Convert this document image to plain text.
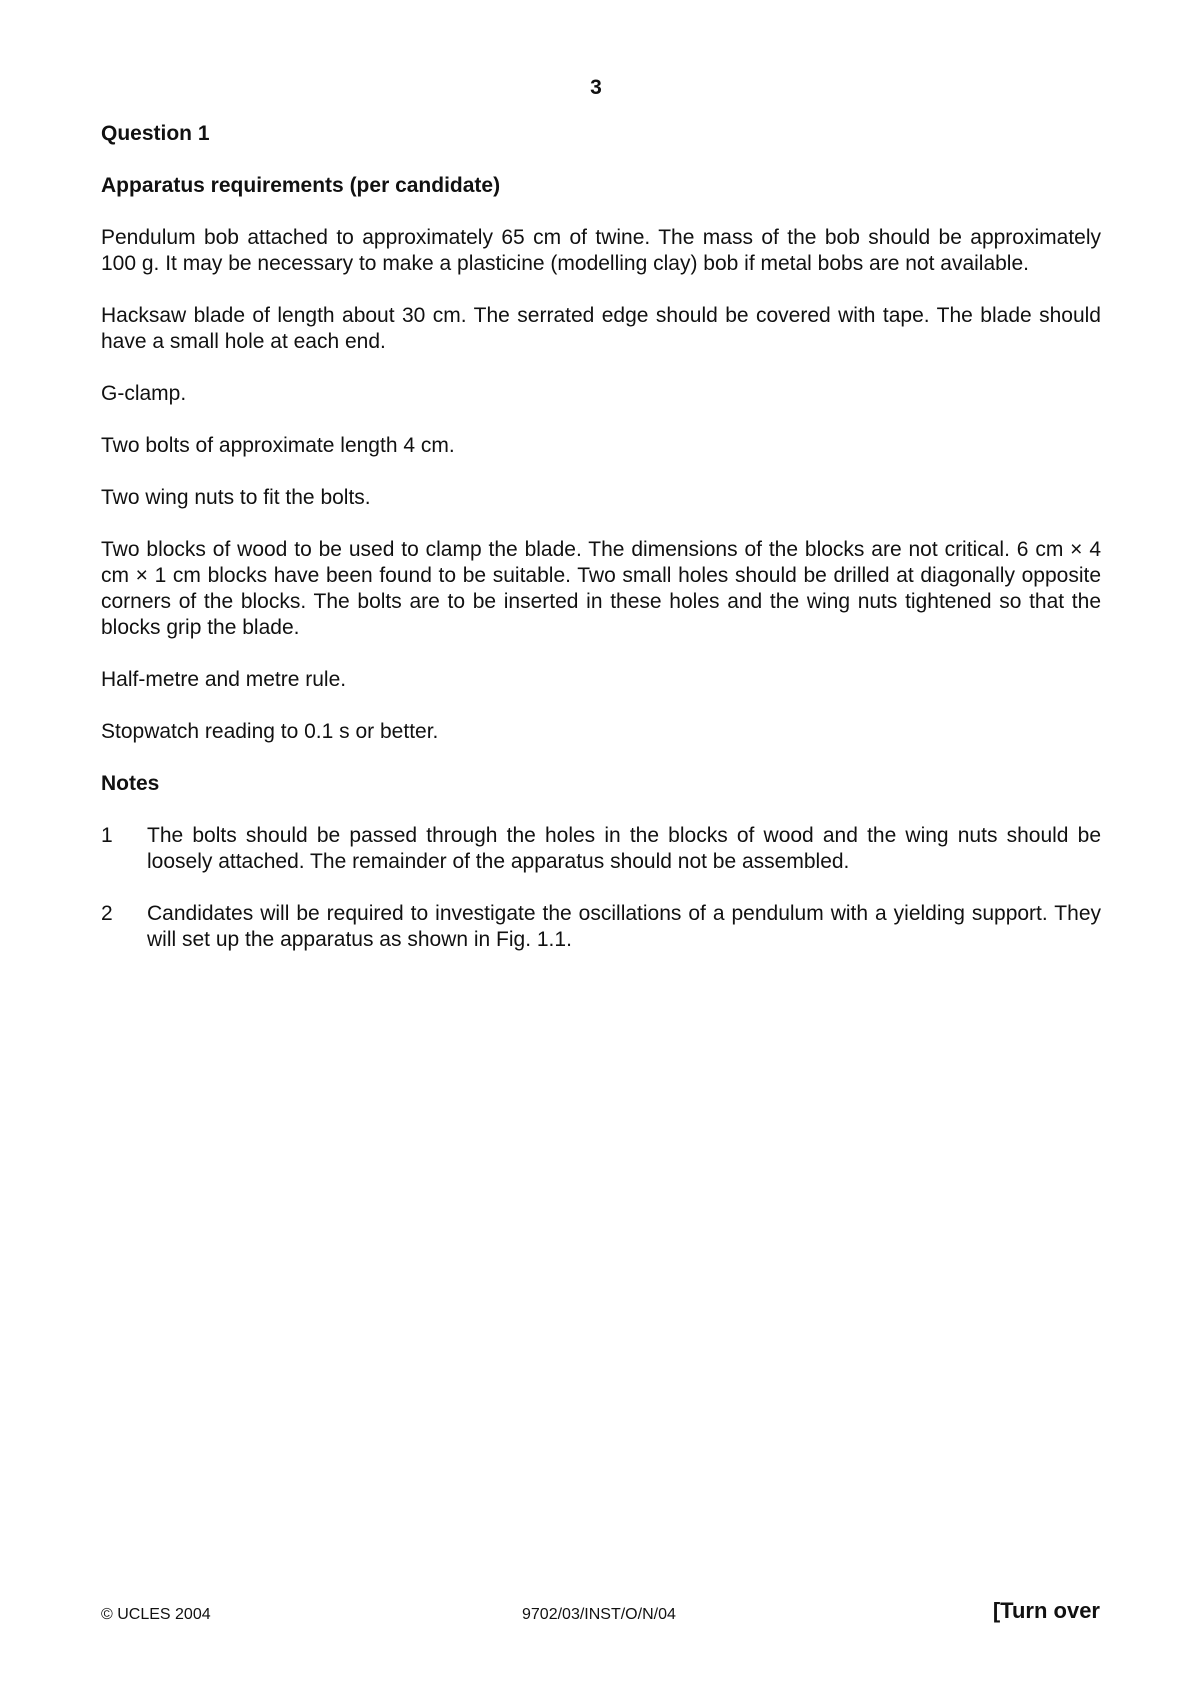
3
Question 1
Apparatus requirements (per candidate)

Pendulum bob attached to approximately 65 cm of twine. The mass of the bob should be approximately 100 g. It may be necessary to make a plasticine (modelling clay) bob if metal bobs are not available.

Hacksaw blade of length about 30 cm. The serrated edge should be covered with tape. The blade should have a small hole at each end.

G-clamp.

Two bolts of approximate length 4 cm.

Two wing nuts to fit the bolts.

Two blocks of wood to be used to clamp the blade. The dimensions of the blocks are not critical. 6 cm × 4 cm × 1 cm blocks have been found to be suitable. Two small holes should be drilled at diagonally opposite corners of the blocks. The bolts are to be inserted in these holes and the wing nuts tightened so that the blocks grip the blade.

Half-metre and metre rule.

Stopwatch reading to 0.1 s or better.

Notes
1	The bolts should be passed through the holes in the blocks of wood and the wing nuts should be loosely attached. The remainder of the apparatus should not be assembled.
2	Candidates will be required to investigate the oscillations of a pendulum with a yielding support. They will set up the apparatus as shown in Fig. 1.1.
© UCLES 2004	9702/03/INST/O/N/04	[Turn over
